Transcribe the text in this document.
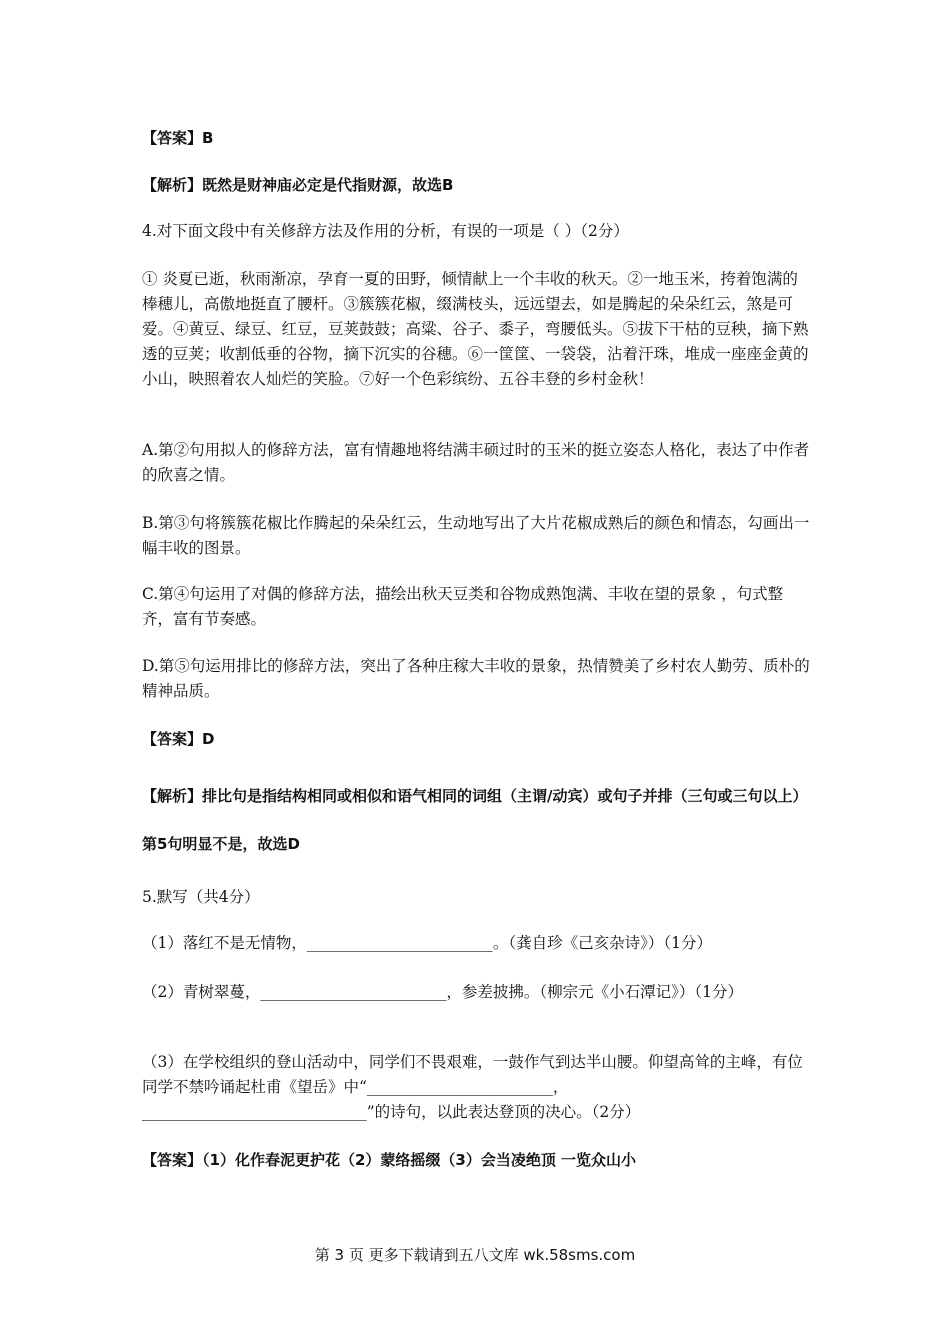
【答案】B
【解析】既然是财神庙必定是代指财源，故选B
4.对下面文段中有关修辞方法及作用的分析，有误的一项是（ ）（2分）
① 炎夏已逝，秋雨渐凉，孕育一夏的田野，倾情献上一个丰收的秋天。②一地玉米，挎着饱满的棒穗儿，高傲地挺直了腰杆。③簇簇花椒，缀满枝头，远远望去，如是腾起的朵朵红云，煞是可爱。④黄豆、绿豆、红豆，豆荚鼓鼓；高粱、谷子、黍子，弯腰低头。⑤拔下干枯的豆秧，摘下熟透的豆荚；收割低垂的谷物，摘下沉实的谷穗。⑥一筐筐、一袋袋，沾着汗珠，堆成一座座金黄的小山，映照着农人灿烂的笑脸。⑦好一个色彩缤纷、五谷丰登的乡村金秋！
A.第②句用拟人的修辞方法，富有情趣地将结满丰硕过时的玉米的挺立姿态人格化，表达了中作者的欣喜之情。
B.第③句将簇簇花椒比作腾起的朵朵红云，生动地写出了大片花椒成熟后的颜色和情态，勾画出一幅丰收的图景。
C.第④句运用了对偶的修辞方法，描绘出秋天豆类和谷物成熟饱满、丰收在望的景象 ，句式整齐，富有节奏感。
D.第⑤句运用排比的修辞方法，突出了各种庄稼大丰收的景象，热情赞美了乡村农人勤劳、质朴的精神品质。
【答案】D
【解析】排比句是指结构相同或相似和语气相同的词组（主谓/动宾）或句子并排（三句或三句以上）第5句明显不是，故选D
5.默写（共4分）
（1）落红不是无情物，________________________。（龚自珍《己亥杂诗》）（1分）
（2）青树翠蔓，________________________，参差披拂。（柳宗元《小石潭记》）（1分）
（3）在学校组织的登山活动中，同学们不畏艰难，一鼓作气到达半山腰。仰望高耸的主峰，有位同学不禁吟诵起杜甫《望岳》中“________________________，_____________________________”的诗句，以此表达登顶的决心。（2分）
【答案】（1）化作春泥更护花（2）蒙络摇缀（3）会当凌绝顶 一览众山小
第 3 页 更多下载请到五八文库 wk.58sms.com
